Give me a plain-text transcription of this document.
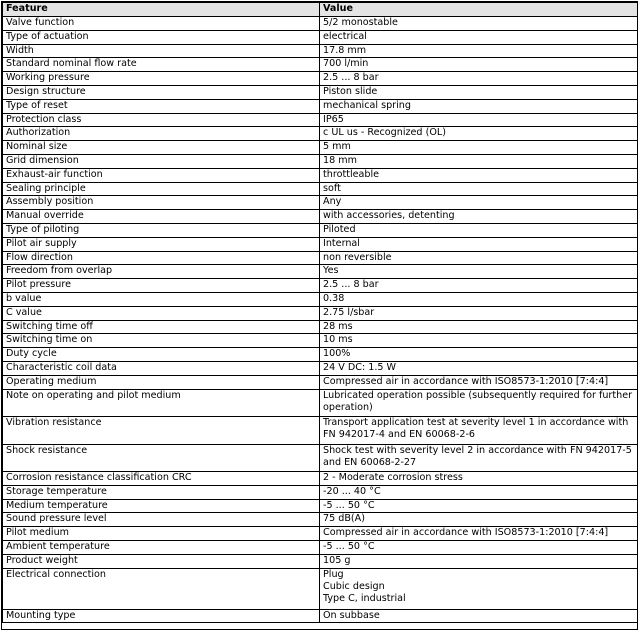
Feature	Value
Valve function	5/2 monostable
Type of actuation	electrical
Width	17.8 mm
Standard nominal flow rate	700 l/min
Working pressure	2.5 ... 8 bar
Design structure	Piston slide
Type of reset	mechanical spring
Protection class	IP65
Authorization	c UL us - Recognized (OL)
Nominal size	5 mm
Grid dimension	18 mm
Exhaust-air function	throttleable
Sealing principle	soft
Assembly position	Any
Manual override	with accessories, detenting
Type of piloting	Piloted
Pilot air supply	Internal
Flow direction	non reversible
Freedom from overlap	Yes
Pilot pressure	2.5 ... 8 bar
b value	0.38
C value	2.75 l/sbar
Switching time off	28 ms
Switching time on	10 ms
Duty cycle	100%
Characteristic coil data	24 V DC: 1.5 W
Operating medium	Compressed air in accordance with ISO8573-1:2010 [7:4:4]
Note on operating and pilot medium	Lubricated operation possible (subsequently required for further operation)
Vibration resistance	Transport application test at severity level 1 in accordance with FN 942017-4 and EN 60068-2-6
Shock resistance	Shock test with severity level 2 in accordance with FN 942017-5 and EN 60068-2-27
Corrosion resistance classification CRC	2 - Moderate corrosion stress
Storage temperature	-20 ... 40 °C
Medium temperature	-5 ... 50 °C
Sound pressure level	75 dB(A)
Pilot medium	Compressed air in accordance with ISO8573-1:2010 [7:4:4]
Ambient temperature	-5 ... 50 °C
Product weight	105 g
Electrical connection	Plug
Cubic design
Type C, industrial

Mounting type	On subbase
